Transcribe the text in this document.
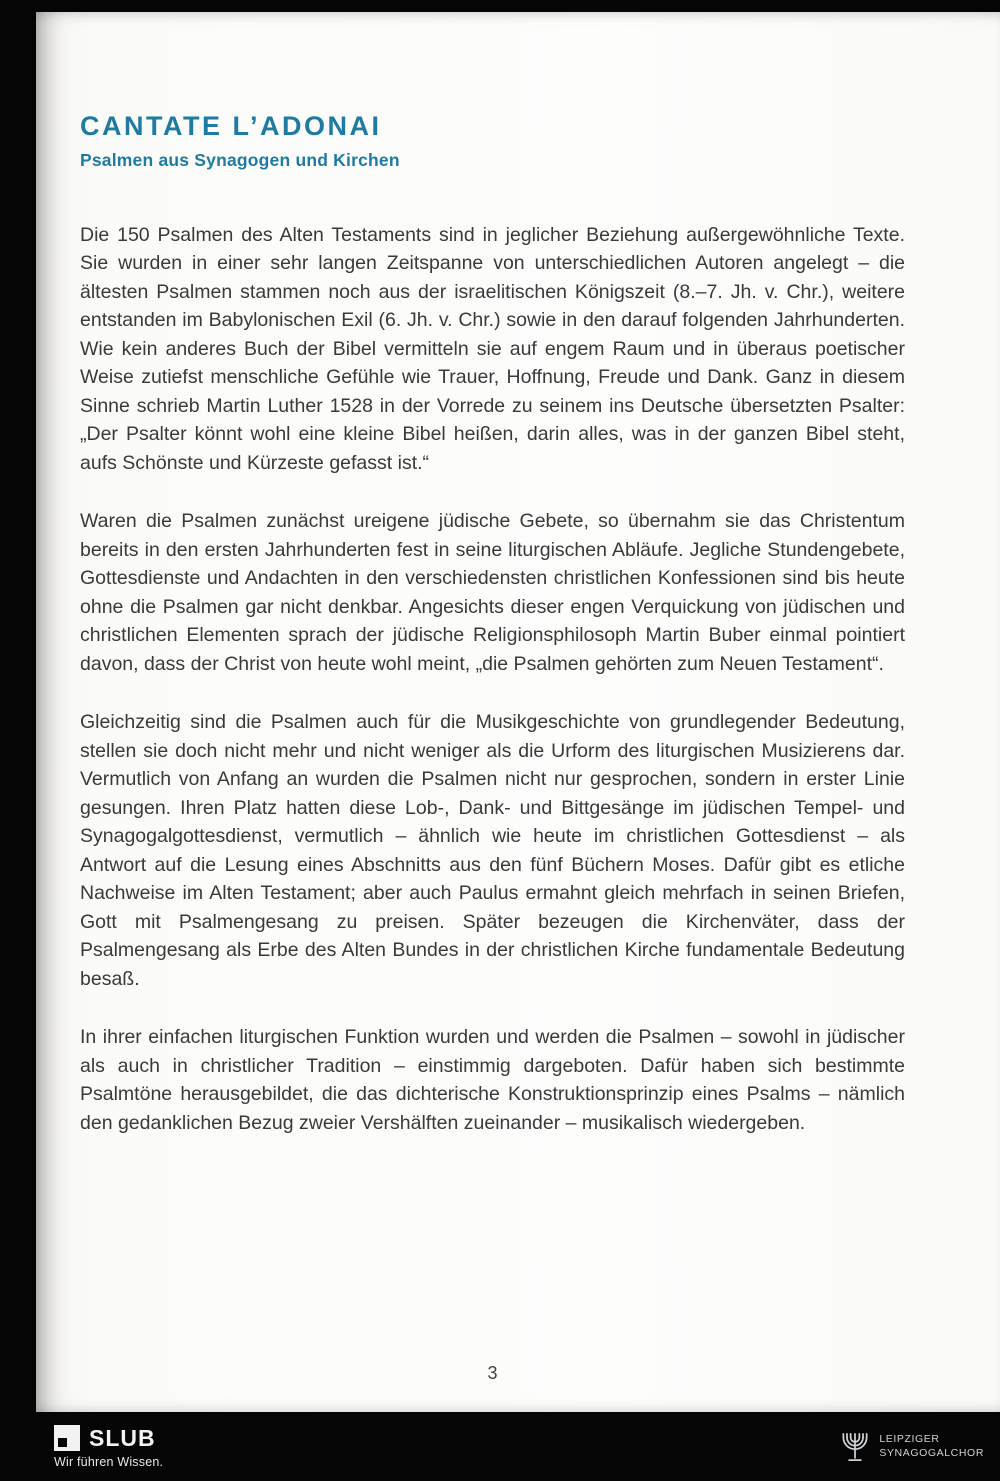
CANTATE L’ADONAI
Psalmen aus Synagogen und Kirchen

Die 150 Psalmen des Alten Testaments sind in jeglicher Beziehung außergewöhnliche Texte. Sie wurden in einer sehr langen Zeitspanne von unterschiedlichen Autoren angelegt – die ältesten Psalmen stammen noch aus der israelitischen Königszeit (8.–7. Jh. v. Chr.), weitere entstanden im Babylonischen Exil (6. Jh. v. Chr.) sowie in den darauf folgenden Jahrhunderten. Wie kein anderes Buch der Bibel vermitteln sie auf engem Raum und in überaus poetischer Weise zutiefst menschliche Gefühle wie Trauer, Hoffnung, Freude und Dank. Ganz in diesem Sinne schrieb Martin Luther 1528 in der Vorrede zu seinem ins Deutsche übersetzten Psalter: „Der Psalter könnt wohl eine kleine Bibel heißen, darin alles, was in der ganzen Bibel steht, aufs Schönste und Kürzeste gefasst ist.“

Waren die Psalmen zunächst ureigene jüdische Gebete, so übernahm sie das Christentum bereits in den ersten Jahrhunderten fest in seine liturgischen Abläufe. Jegliche Stundengebete, Gottesdienste und Andachten in den verschiedensten christlichen Konfessionen sind bis heute ohne die Psalmen gar nicht denkbar. Angesichts dieser engen Verquickung von jüdischen und christlichen Elementen sprach der jüdische Religionsphilosoph Martin Buber einmal pointiert davon, dass der Christ von heute wohl meint, „die Psalmen gehörten zum Neuen Testament“.

Gleichzeitig sind die Psalmen auch für die Musikgeschichte von grundlegender Bedeutung, stellen sie doch nicht mehr und nicht weniger als die Urform des liturgischen Musizierens dar. Vermutlich von Anfang an wurden die Psalmen nicht nur gesprochen, sondern in erster Linie gesungen. Ihren Platz hatten diese Lob-, Dank- und Bittgesänge im jüdischen Tempel- und Synagogalgottesdienst, vermutlich – ähnlich wie heute im christlichen Gottesdienst – als Antwort auf die Lesung eines Abschnitts aus den fünf Büchern Moses. Dafür gibt es etliche Nachweise im Alten Testament; aber auch Paulus ermahnt gleich mehrfach in seinen Briefen, Gott mit Psalmengesang zu preisen. Später bezeugen die Kirchenväter, dass der Psalmengesang als Erbe des Alten Bundes in der christlichen Kirche fundamentale Bedeutung besaß.

In ihrer einfachen liturgischen Funktion wurden und werden die Psalmen – sowohl in jüdischer als auch in christlicher Tradition – einstimmig dargeboten. Dafür haben sich bestimmte Psalmtöne herausgebildet, die das dichterische Konstruktionsprinzip eines Psalms – nämlich den gedanklichen Bezug zweier Vershälften zueinander – musikalisch wiedergeben.

3
SLUB
Wir führen Wissen.
LEIPZIGER
SYNAGOGALCHOR
